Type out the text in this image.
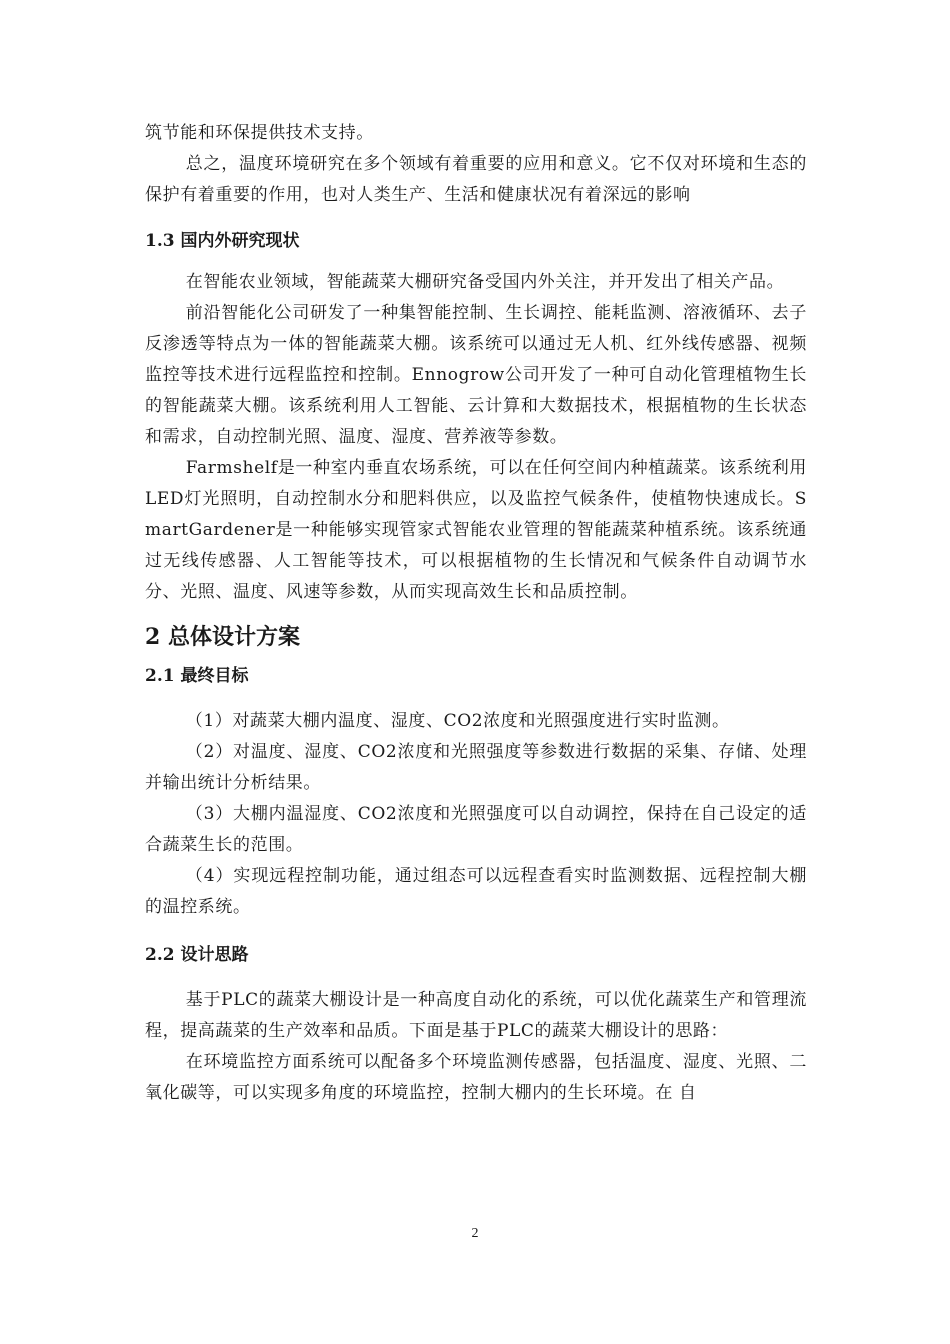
筑节能和环保提供技术支持。

总之，温度环境研究在多个领域有着重要的应用和意义。它不仅对环境和生态的保护有着重要的作用，也对人类生产、生活和健康状况有着深远的影响

1.3 国内外研究现状

在智能农业领域，智能蔬菜大棚研究备受国内外关注，并开发出了相关产品。

前沿智能化公司研发了一种集智能控制、生长调控、能耗监测、溶液循环、去子反渗透等特点为一体的智能蔬菜大棚。该系统可以通过无人机、红外线传感器、视频监控等技术进行远程监控和控制。Ennogrow公司开发了一种可自动化管理植物生长的智能蔬菜大棚。该系统利用人工智能、云计算和大数据技术，根据植物的生长状态和需求，自动控制光照、温度、湿度、营养液等参数。

Farmshelf是一种室内垂直农场系统，可以在任何空间内种植蔬菜。该系统利用LED灯光照明，自动控制水分和肥料供应，以及监控气候条件，使植物快速成长。SmartGardener是一种能够实现管家式智能农业管理的智能蔬菜种植系统。该系统通过无线传感器、人工智能等技术，可以根据植物的生长情况和气候条件自动调节水分、光照、温度、风速等参数，从而实现高效生长和品质控制。

2 总体设计方案
2.1 最终目标

（1）对蔬菜大棚内温度、湿度、CO2浓度和光照强度进行实时监测。

（2）对温度、湿度、CO2浓度和光照强度等参数进行数据的采集、存储、处理并输出统计分析结果。

（3）大棚内温湿度、CO2浓度和光照强度可以自动调控，保持在自己设定的适合蔬菜生长的范围。

（4）实现远程控制功能，通过组态可以远程查看实时监测数据、远程控制大棚的温控系统。

2.2 设计思路

基于PLC的蔬菜大棚设计是一种高度自动化的系统，可以优化蔬菜生产和管理流程，提高蔬菜的生产效率和品质。下面是基于PLC的蔬菜大棚设计的思路：

在环境监控方面系统可以配备多个环境监测传感器，包括温度、湿度、光照、二氧化碳等，可以实现多角度的环境监控，控制大棚内的生长环境。在 自

2
